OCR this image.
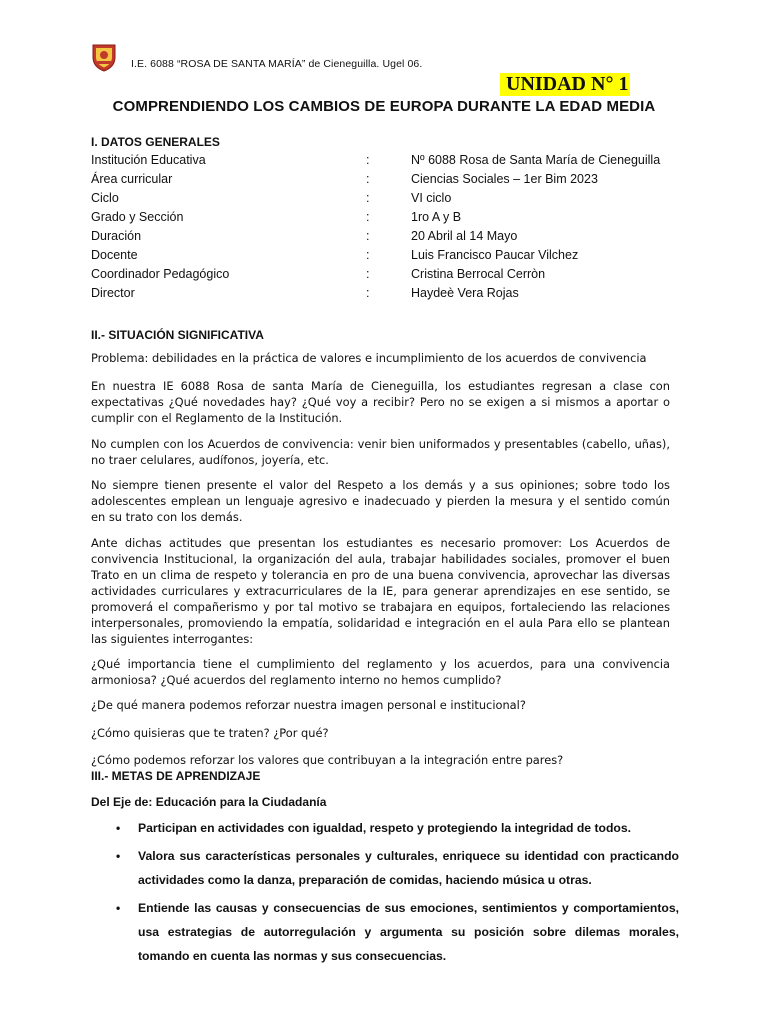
I.E. 6088 “ROSA DE SANTA MARÍA” de Cieneguilla. Ugel 06.
UNIDAD N° 1
COMPRENDIENDO LOS CAMBIOS DE EUROPA DURANTE LA EDAD MEDIA
I. DATOS GENERALES
Institución Educativa	:	Nº 6088 Rosa de Santa María de Cieneguilla
Área curricular	:	Ciencias Sociales – 1er Bim 2023
Ciclo	:	VI ciclo
Grado y Sección	:	1ro A y B
Duración	:	20 Abril al 14 Mayo
Docente	:	Luis Francisco Paucar Vilchez
Coordinador Pedagógico	:	Cristina Berrocal Cerròn
Director	:	Haydeè Vera Rojas
II.- SITUACIÓN SIGNIFICATIVA

Problema: debilidades en la práctica de valores e incumplimiento de los acuerdos de convivencia

En nuestra IE 6088 Rosa de santa María de Cieneguilla, los estudiantes regresan a clase con expectativas ¿Qué novedades hay? ¿Qué voy a recibir? Pero no se exigen a si mismos a aportar o cumplir con el Reglamento de la Institución.

No cumplen con los Acuerdos de convivencia: venir bien uniformados y presentables (cabello, uñas), no traer celulares, audífonos, joyería, etc.

No siempre tienen presente el valor del Respeto a los demás y a sus opiniones; sobre todo los adolescentes emplean un lenguaje agresivo e inadecuado y pierden la mesura y el sentido común en su trato con los demás.

Ante dichas actitudes que presentan los estudiantes es necesario promover: Los Acuerdos de convivencia Institucional, la organización del aula, trabajar habilidades sociales, promover el buen Trato en un clima de respeto y tolerancia en pro de una buena convivencia, aprovechar las diversas actividades curriculares y extracurriculares de la IE, para generar aprendizajes en ese sentido, se promoverá el compañerismo y por tal motivo se trabajara en equipos, fortaleciendo las relaciones interpersonales, promoviendo la empatía, solidaridad e integración en el aula Para ello se plantean las siguientes interrogantes:

¿Qué importancia tiene el cumplimiento del reglamento y los acuerdos, para una convivencia armoniosa? ¿Qué acuerdos del reglamento interno no hemos cumplido?

¿De qué manera podemos reforzar nuestra imagen personal e institucional?

¿Cómo quisieras que te traten? ¿Por qué?

¿Cómo podemos reforzar los valores que contribuyan a la integración entre pares?

III.- METAS DE APRENDIZAJE
Del Eje de: Educación para la Ciudadanía
• Participan en actividades con igualdad, respeto y protegiendo la integridad de todos.
• Valora sus características personales y culturales, enriquece su identidad con practicando actividades como la danza, preparación de comidas, haciendo música u otras.
• Entiende las causas y consecuencias de sus emociones, sentimientos y comportamientos, usa estrategias de autorregulación y argumenta su posición sobre dilemas morales, tomando en cuenta las normas y sus consecuencias.
